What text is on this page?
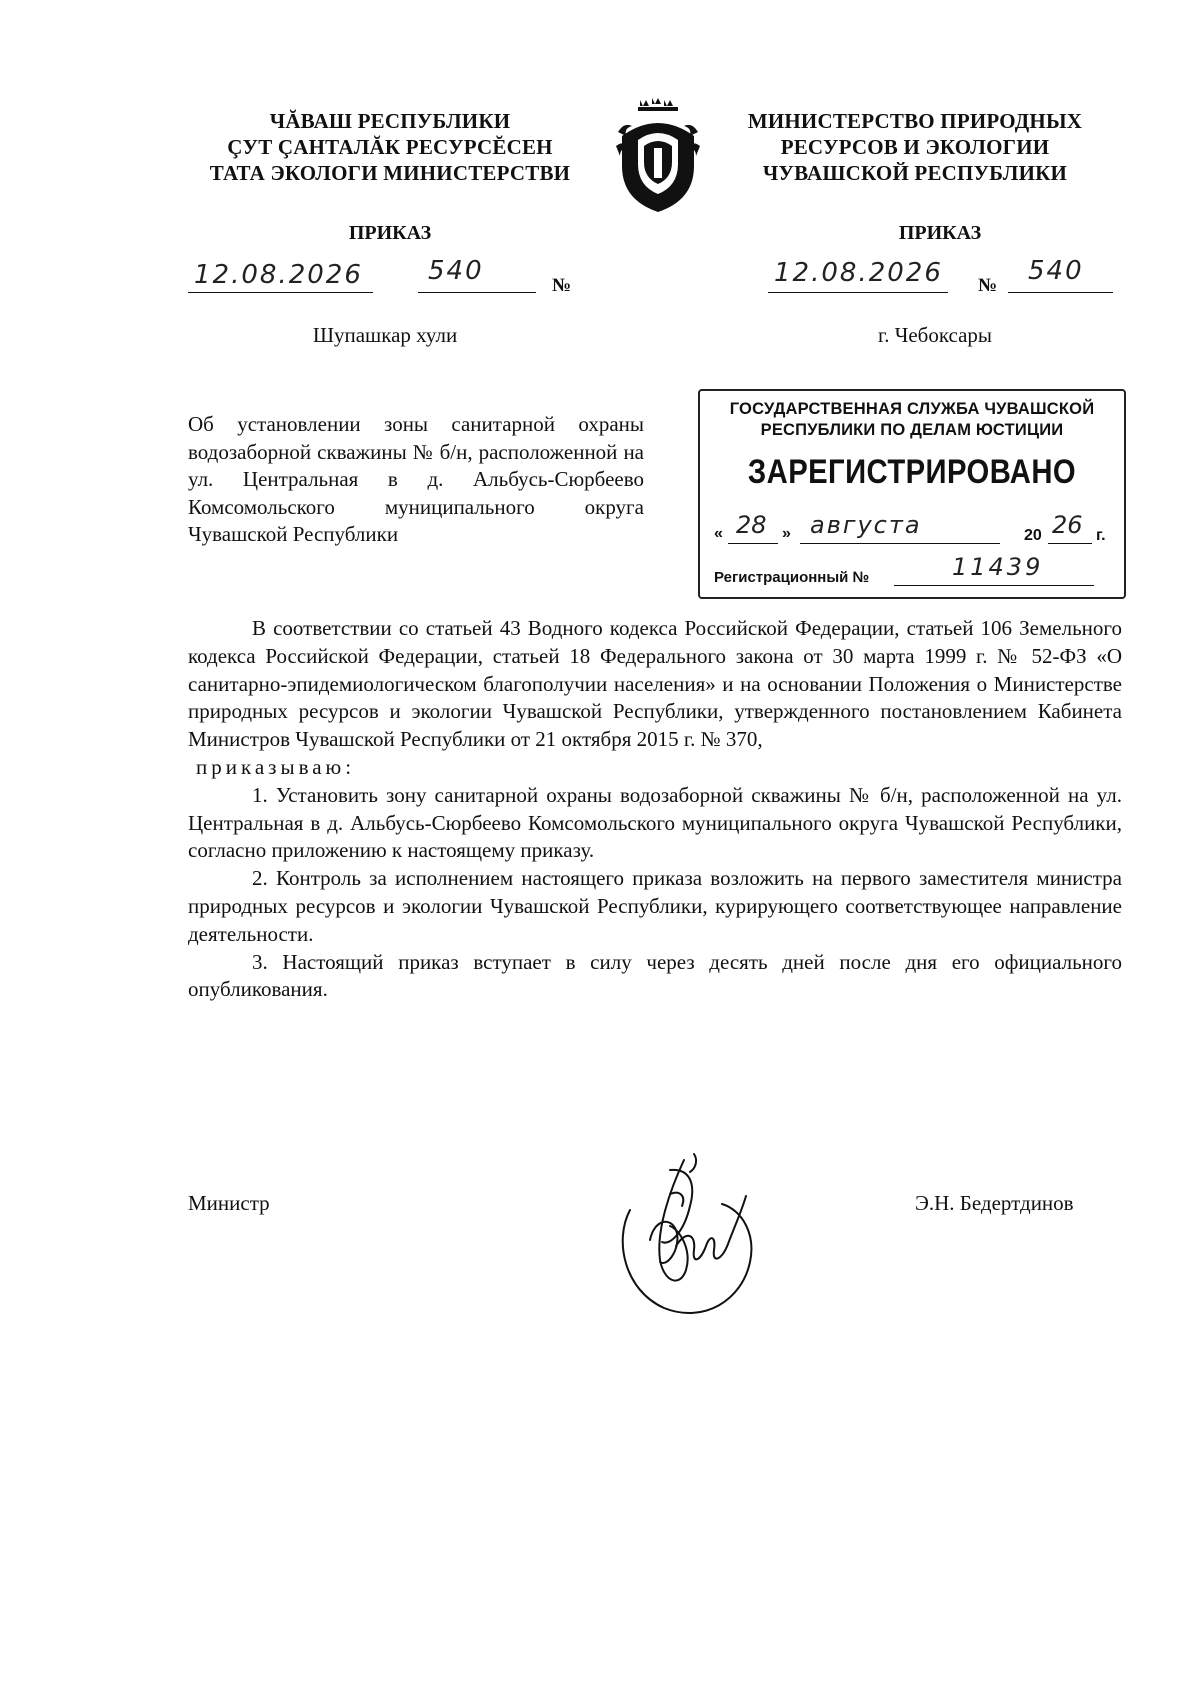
ЧĂВАШ РЕСПУБЛИКИ
ÇУТ ÇАНТАЛĂК РЕСУРСĔСЕН
ТАТА ЭКОЛОГИ МИНИСТЕРСТВИ
МИНИСТЕРСТВО ПРИРОДНЫХ
РЕСУРСОВ И ЭКОЛОГИИ
ЧУВАШСКОЙ РЕСПУБЛИКИ
ПРИКАЗ	ПРИКАЗ
12.08.2026	540	№	12.08.2026 № 540
Шупашкар хули	г. Чебоксары
Об установлении зоны санитарной охраны водозаборной скважины № б/н, расположенной на ул. Центральная в д. Альбусь-Сюрбеево Комсомольского муниципального округа Чувашской Республики
ГОСУДАРСТВЕННАЯ СЛУЖБА ЧУВАШСКОЙ
РЕСПУБЛИКИ ПО ДЕЛАМ ЮСТИЦИИ
ЗАРЕГИСТРИРОВАНО
« 28 » августа	20 26 г.
Регистрационный №	11439

В соответствии со статьей 43 Водного кодекса Российской Федерации, статьей 106 Земельного кодекса Российской Федерации, статьей 18 Федерального закона от 30 марта 1999 г. № 52-ФЗ «О санитарно-эпидемиологическом благополучии населения» и на основании Положения о Министерстве природных ресурсов и экологии Чувашской Республики, утвержденного постановлением Кабинета Министров Чувашской Республики от 21 октября 2015 г. № 370,

приказываю:

1. Установить зону санитарной охраны водозаборной скважины № б/н, расположенной на ул. Центральная в д. Альбусь-Сюрбеево Комсомольского муниципального округа Чувашской Республики, согласно приложению к настоящему приказу.

2. Контроль за исполнением настоящего приказа возложить на первого заместителя министра природных ресурсов и экологии Чувашской Республики, курирующего соответствующее направление деятельности.

3. Настоящий приказ вступает в силу через десять дней после дня его официального опубликования.

Министр	Э.Н. Бедертдинов
